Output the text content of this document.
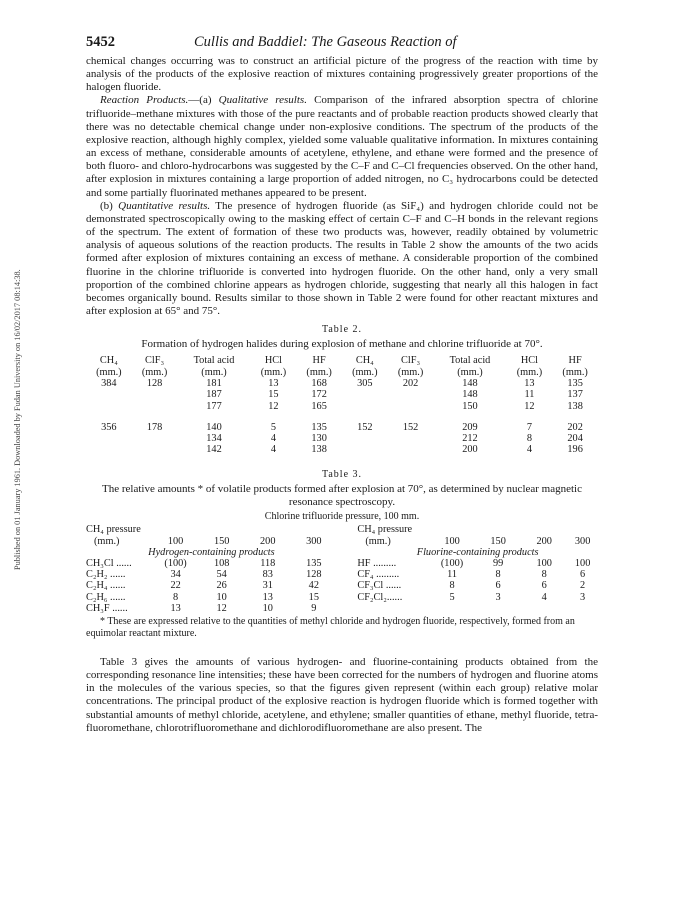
Published on 01 January 1961. Downloaded by Fudan University on 16/02/2017 08:14:38.
5452	Cullis and Baddiel: The Gaseous Reaction of

chemical changes occurring was to construct an artificial picture of the progress of the reaction with time by analysis of the products of the explosive reaction of mixtures containing progressively greater proportions of the halogen fluoride.

Reaction Products.—(a) Qualitative results. Comparison of the infrared absorption spectra of chlorine trifluoride–methane mixtures with those of the pure reactants and of probable reaction products showed clearly that there was no detectable chemical change under non-explosive conditions. The spectrum of the products of the explosive reaction, although highly complex, yielded some valuable qualitative information. In mixtures containing an excess of methane, considerable amounts of acetylene, ethylene, and ethane were formed and the presence of both fluoro- and chloro-hydrocarbons was suggested by the C–F and C–Cl frequencies observed. On the other hand, after explosion in mixtures containing a large proportion of added nitrogen, no C₃ hydrocarbons could be detected and some partially fluorinated methanes appeared to be present.

(b) Quantitative results. The presence of hydrogen fluoride (as SiF₄) and hydrogen chloride could not be demonstrated spectroscopically owing to the masking effect of certain C–F and C–H bonds in the relevant regions of the spectrum. The extent of formation of these two products was, however, readily obtained by volumetric analysis of aqueous solutions of the reaction products. The results in Table 2 show the amounts of the two acids formed after explosion of mixtures containing an excess of methane. A considerable proportion of the combined fluorine in the chlorine trifluoride is converted into hydrogen fluoride. On the other hand, only a very small proportion of the combined chlorine appears as hydrogen chloride, suggesting that nearly all this halogen in fact becomes organically bound. Results similar to those shown in Table 2 were found for other reactant mixtures and after explosion at 65° and 75°.

Table 2.
Formation of hydrogen halides during explosion of methane and chlorine trifluoride at 70°.
CH₄	ClF₃	Total acid	HCl	HF	CH₄	ClF₃	Total acid	HCl	HF
(mm.)	(mm.)	(mm.)	(mm.)	(mm.)	(mm.)	(mm.)	(mm.)	(mm.)	(mm.)
384	128	181	13	168	305	202	148	13	135
		187	15	172			148	11	137
		177	12	165			150	12	138

356	178	140	5	135	152	152	209	7	202
		134	4	130			212	8	204
		142	4	138			200	4	196
Table 3.
The relative amounts * of volatile products formed after explosion at 70°, as determined by nuclear magnetic resonance spectroscopy.
Chlorine trifluoride pressure, 100 mm.
CH₄ pressure						CH₄ pressure				
(mm.)	100	150	200	300		(mm.)	100	150	200	300
Hydrogen-containing products						Fluorine-containing products				
CH₃Cl ......	(100)	108	118	135		HF .........	(100)	99	100	100
C₂H₂ ......	34	54	83	128		CF₄ .........	11	8	8	6
C₂H₄ ......	22	26	31	42		CF₃Cl ......	8	6	6	2
C₂H₆ ......	8	10	13	15		CF₂Cl₂......	5	3	4	3
CH₃F ......	13	12	10	9						

* These are expressed relative to the quantities of methyl chloride and hydrogen fluoride, respectively, formed from an equimolar reactant mixture.

Table 3 gives the amounts of various hydrogen- and fluorine-containing products obtained from the corresponding resonance line intensities; these have been corrected for the numbers of hydrogen and fluorine atoms in the molecules of the various species, so that the figures given represent (within each group) relative molar concentrations. The principal product of the explosive reaction is hydrogen fluoride which is formed together with substantial amounts of methyl chloride, acetylene, and ethylene; smaller quantities of ethane, methyl fluoride, tetra-fluoromethane, chlorotrifluoromethane and dichlorodifluoromethane are also present. The
